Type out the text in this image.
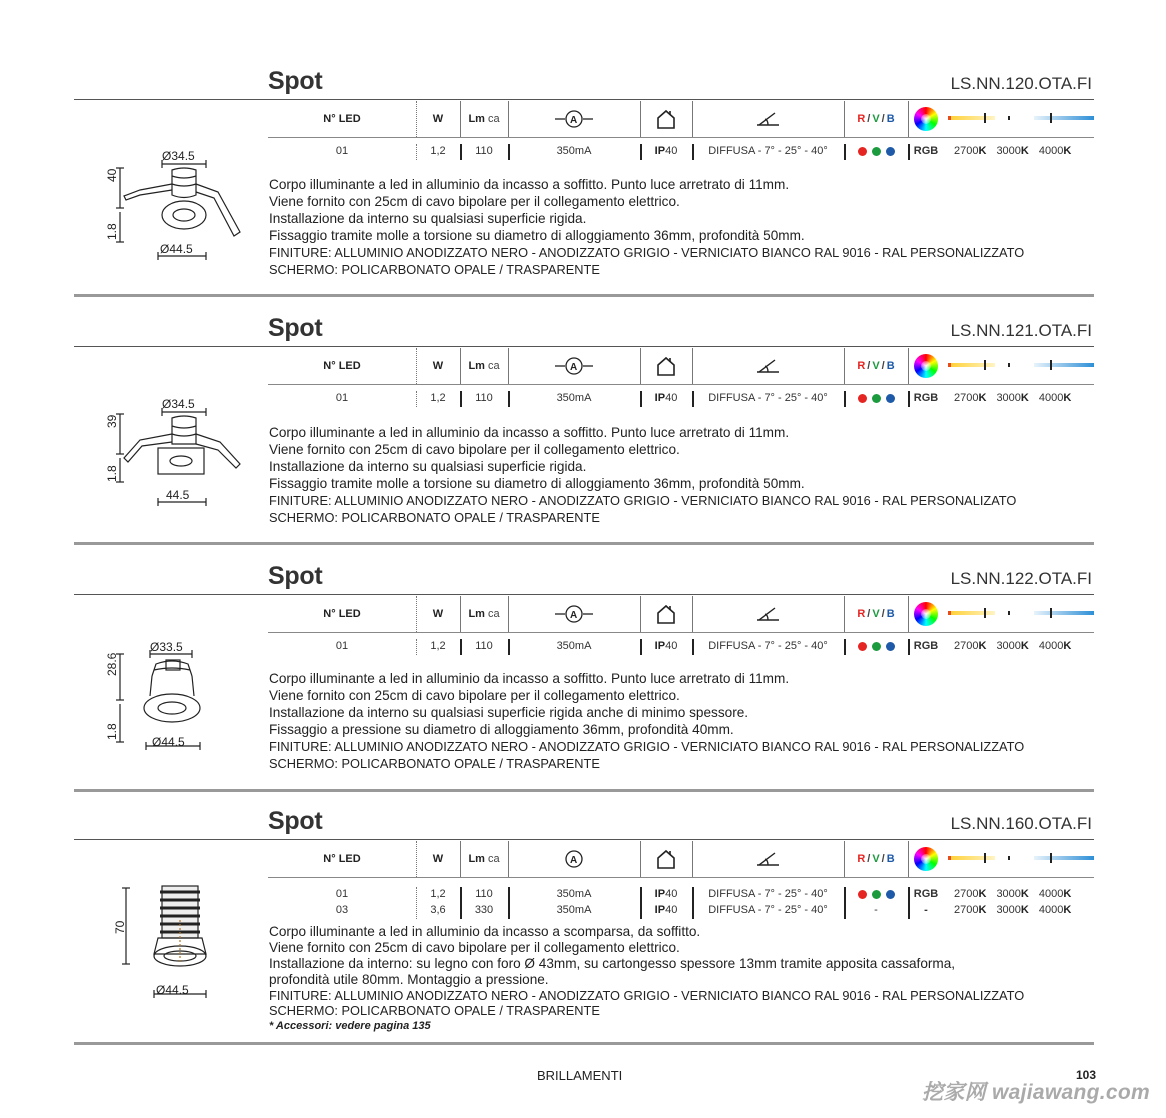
Spot	LS.NN.120.OTA.FI
Spot	LS.NN.121.OTA.FI
Spot	LS.NN.122.OTA.FI
Spot	LS.NN.160.OTA.FI
N° LED	W	Lm ca	A	R / V / B
01	1,2	110	350mA	IP40	DIFFUSA - 7° - 25° - 40°	RGB	2700K 3000K 4000K
N° LED	W	Lm ca	A	R / V / B
01	1,2	110	350mA	IP40	DIFFUSA - 7° - 25° - 40°	RGB	2700K 3000K 4000K
N° LED	W	Lm ca	A	R / V / B
01	1,2	110	350mA	IP40	DIFFUSA - 7° - 25° - 40°	RGB	2700K 3000K 4000K
N° LED	W	Lm ca	A	R / V / B
01	1,2	110	350mA	IP40	DIFFUSA - 7° - 25° - 40°	RGB	2700K 3000K 4000K
03	3,6	330	350mA	IP40	DIFFUSA - 7° - 25° - 40°	-	-	2700K 3000K 4000K
Corpo illuminante a led in alluminio da incasso a soffitto. Punto luce arretrato di 11mm.
Viene fornito con 25cm di cavo bipolare per il collegamento elettrico.
Installazione da interno su qualsiasi superficie rigida.
Fissaggio tramite molle a torsione su diametro di alloggiamento 36mm, profondità 50mm.
FINITURE: ALLUMINIO ANODIZZATO NERO - ANODIZZATO GRIGIO - VERNICIATO BIANCO RAL 9016 - RAL PERSONALIZZATO
SCHERMO: POLICARBONATO OPALE / TRASPARENTE
Corpo illuminante a led in alluminio da incasso a soffitto. Punto luce arretrato di 11mm.
Viene fornito con 25cm di cavo bipolare per il collegamento elettrico.
Installazione da interno su qualsiasi superficie rigida.
Fissaggio tramite molle a torsione su diametro di alloggiamento 36mm, profondità 50mm.
FINITURE: ALLUMINIO ANODIZZATO NERO - ANODIZZATO GRIGIO - VERNICIATO BIANCO RAL 9016 - RAL PERSONALIZATO
SCHERMO: POLICARBONATO OPALE / TRASPARENTE
Corpo illuminante a led in alluminio da incasso a soffitto. Punto luce arretrato di 11mm.
Viene fornito con 25cm di cavo bipolare per il collegamento elettrico.
Installazione da interno su qualsiasi superficie rigida anche di minimo spessore.
Fissaggio a pressione su diametro di alloggiamento 36mm, profondità 40mm.
FINITURE: ALLUMINIO ANODIZZATO NERO - ANODIZZATO GRIGIO - VERNICIATO BIANCO RAL 9016 - RAL PERSONALIZZATO
SCHERMO: POLICARBONATO OPALE / TRASPARENTE
Corpo illuminante a led in alluminio da incasso a scomparsa, da soffitto.
Viene fornito con 25cm di cavo bipolare per il collegamento elettrico.
Installazione da interno: su legno con foro Ø 43mm, su cartongesso spessore 13mm tramite apposita cassaforma,
profondità utile 80mm. Montaggio a pressione.
FINITURE: ALLUMINIO ANODIZZATO NERO - ANODIZZATO GRIGIO - VERNICIATO BIANCO RAL 9016 - RAL PERSONALIZZATO
SCHERMO: POLICARBONATO OPALE / TRASPARENTE
* Accessori: vedere pagina 135
Ø34.5
Ø44.5
40
1.8
Ø34.5
44.5
39
1.8
Ø33.5
Ø44.5
28.6
1.8
Ø44.5
70
BRILLAMENTI	103
挖家网 wajiawang.com
